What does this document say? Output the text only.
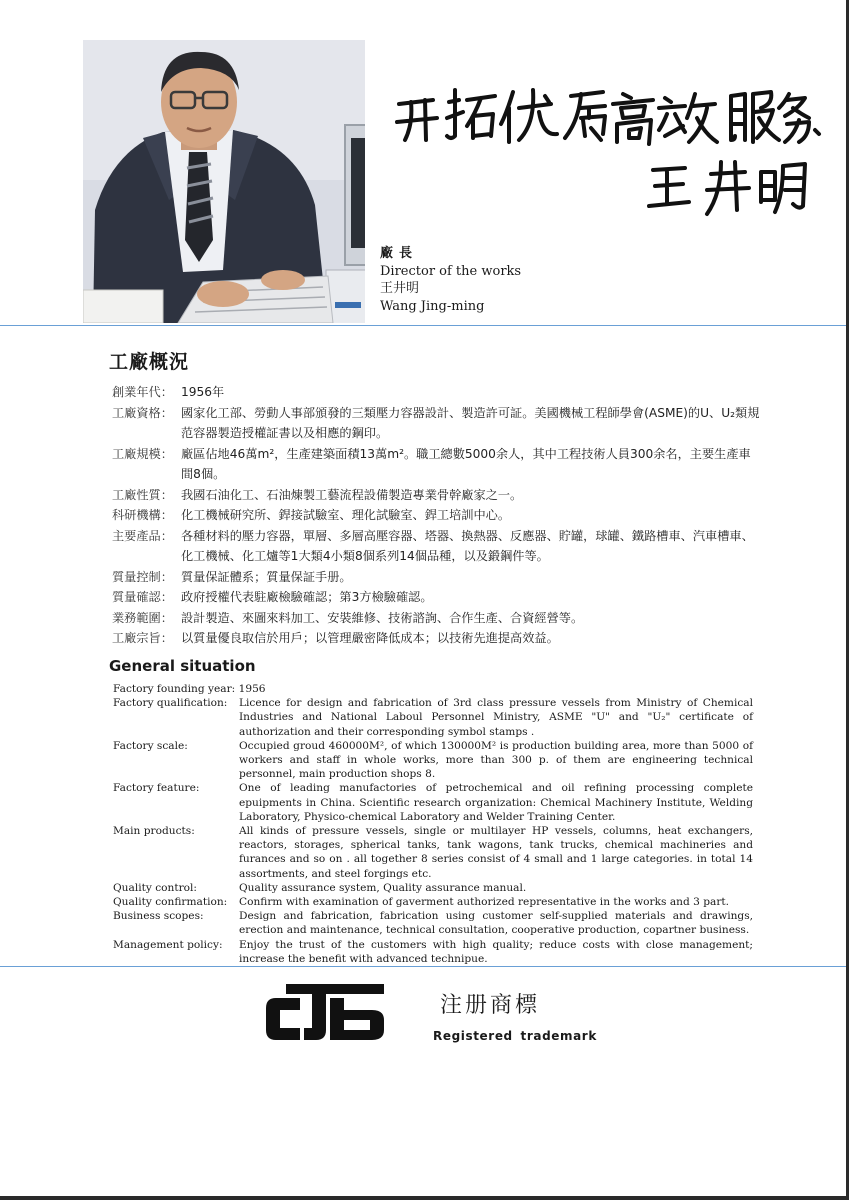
廠長
Director of the works
王井明
Wang Jing-ming
工廠概況
創業年代： 1956年
工廠資格： 國家化工部、勞動人事部頒發的三類壓力容器設計、製造許可証。美國機械工程師學會(ASME)的U、U₂類規范容器製造授權証書以及相應的鋼印。
工廠規模： 廠區佔地46萬m²，生產建築面積13萬m²。職工總數5000余人，其中工程技術人員300余名，主要生產車間8個。
工廠性質： 我國石油化工、石油煉製工藝流程設備製造專業骨幹廠家之一。
科研機構： 化工機械研究所、銲接試驗室、理化試驗室、銲工培訓中心。
主要產品： 各種材料的壓力容器，單層、多層高壓容器、塔器、換熱器、反應器、貯罐，球罐、鐵路槽車、汽車槽車、化工機械、化工爐等1大類4小類8個系列14個品種，以及鍛鋼件等。
質量控制： 質量保証體系；質量保証手册。
質量確認： 政府授權代表駐廠檢驗確認；第3方檢驗確認。
業務範圍： 設計製造、來圖來料加工、安裝維修、技術諮詢、合作生產、合資經營等。
工廠宗旨： 以質量優良取信於用戶；以管理嚴密降低成本；以技術先進提高效益。
General situation
Factory founding year: 1956
Factory qualification: Licence for design and fabrication of 3rd class pressure vessels from Ministry of Chemical Industries and National Laboul Personnel Ministry, ASME "U" and "U₂" certificate of authorization and their corresponding symbol stamps .
Factory scale:	Occupied groud 460000M², of which 130000M² is production building area, more than 5000 of workers and staff in whole works, more than 300 p. of them are engineering technical personnel, main production shops 8.
Factory feature:	One of leading manufactories of petrochemical and oil refining processing complete epuipments in China. Scientific research organization: Chemical Machinery Institute, Welding Laboratory, Physico-chemical Laboratory and Welder Training Center.
Main products:	All kinds of pressure vessels, single or multilayer HP vessels, columns, heat exchangers, reactors, storages, spherical tanks, tank wagons, tank trucks, chemical machineries and furances and so on . all together 8 series consist of 4 small and 1 large categories. in total 14 assortments, and steel forgings etc.
Quality control:	Quality assurance system, Quality assurance manual.
Quality confirmation: Confirm with examination of gaverment authorized representative in the works and 3 part.
Business scopes:	Design and fabrication, fabrication using customer self-supplied materials and drawings, erection and maintenance, technical consultation, cooperative production, copartner business.
Management policy: Enjoy the trust of the customers with high quality; reduce costs with close management; increase the benefit with advanced technipue.
注册商標
Registered trademark
